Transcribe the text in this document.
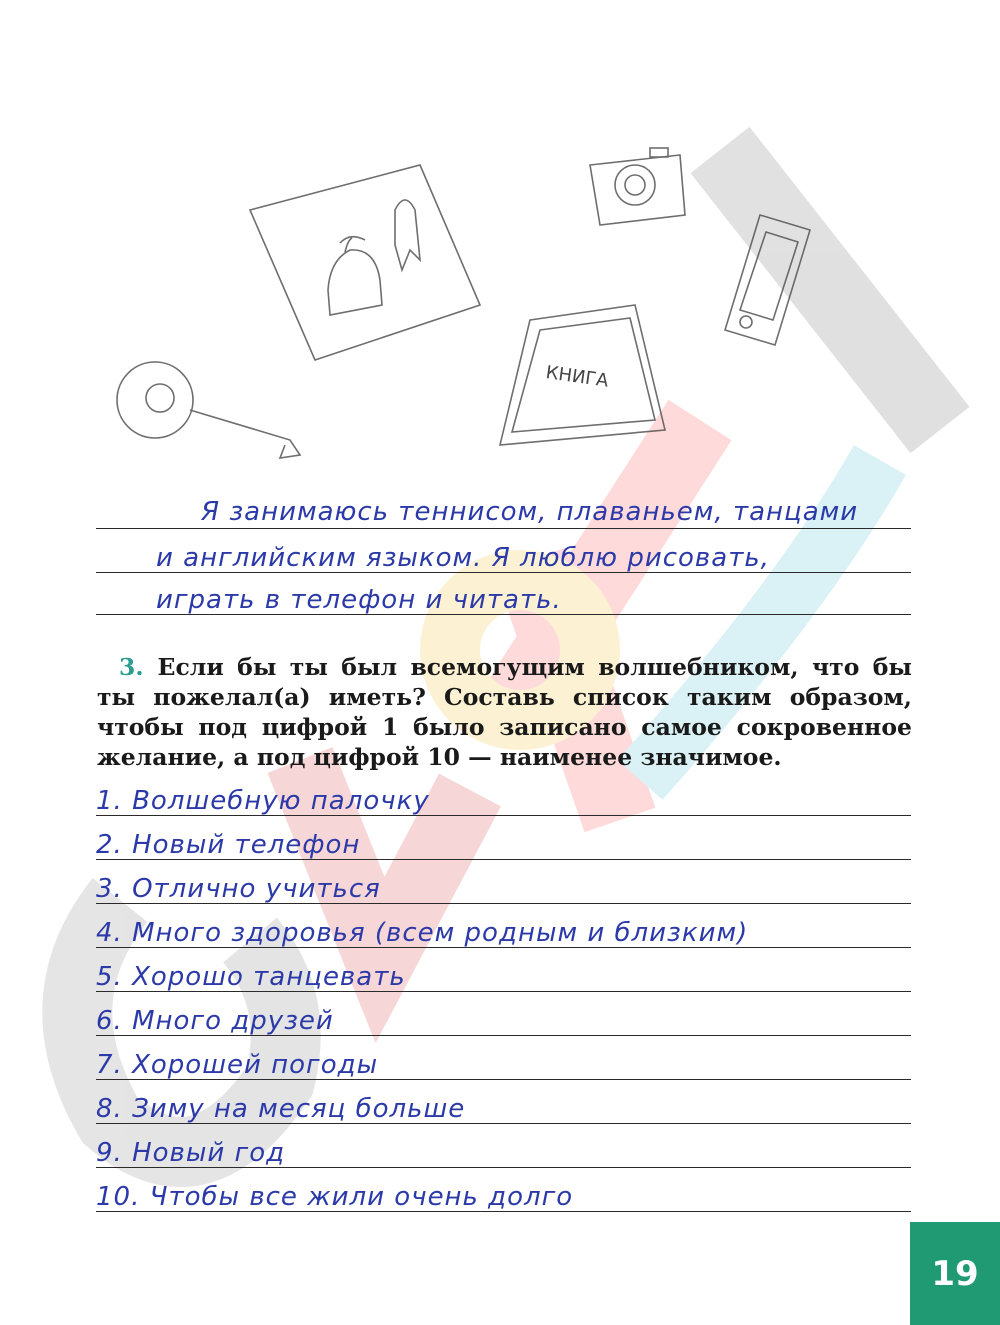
КНИГА
Я занимаюсь теннисом, плаваньем, танцами
и английским языком. Я люблю рисовать,
играть в телефон и читать.
3. Если бы ты был всемогущим волшебником, что бы ты пожелал(а) иметь? Составь список таким образом, чтобы под цифрой 1 было записано самое сокровенное желание, а под цифрой 10 — наименее значимое.
1. Волшебную палочку
2. Новый телефон
3. Отлично учиться
4. Много здоровья (всем родным и близким)
5. Хорошо танцевать
6. Много друзей
7. Хорошей погоды
8. Зиму на месяц больше
9. Новый год
10. Чтобы все жили очень долго
19
